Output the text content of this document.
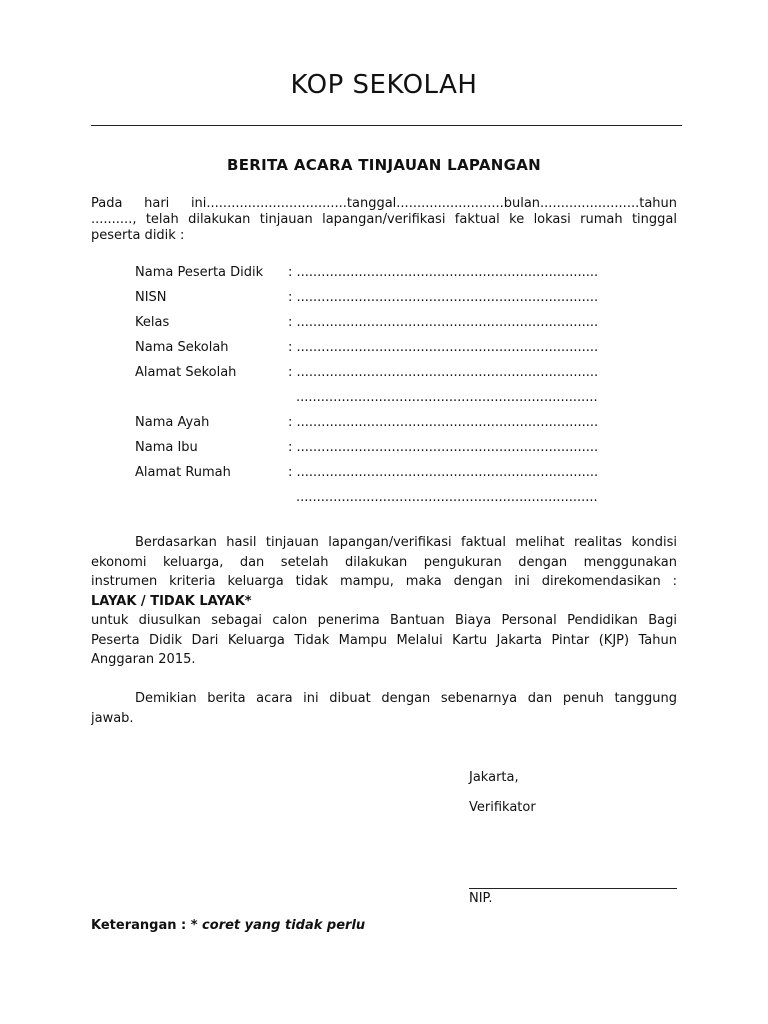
KOP SEKOLAH
BERITA ACARA TINJAUAN LAPANGAN
Pada hari ini..................................tanggal..........................bulan........................tahun
.........., telah dilakukan tinjauan lapangan/verifikasi faktual ke lokasi rumah tinggal
peserta didik :
Nama Peserta Didik : .........................................................................
NISN	: .........................................................................
Kelas	: .........................................................................
Nama Sekolah	: .........................................................................
Alamat Sekolah	: .........................................................................
.........................................................................
Nama Ayah	: .........................................................................
Nama Ibu	: .........................................................................
Alamat Rumah	: .........................................................................
.........................................................................
Berdasarkan hasil tinjauan lapangan/verifikasi faktual melihat realitas kondisi
ekonomi keluarga, dan setelah dilakukan pengukuran dengan menggunakan
instrumen kriteria keluarga tidak mampu, maka dengan ini direkomendasikan :
LAYAK / TIDAK LAYAK*
untuk diusulkan sebagai calon penerima Bantuan Biaya Personal Pendidikan Bagi
Peserta Didik Dari Keluarga Tidak Mampu Melalui Kartu Jakarta Pintar (KJP) Tahun
Anggaran 2015.
Demikian berita acara ini dibuat dengan sebenarnya dan penuh tanggung
jawab.
Jakarta,
Verifikator
NIP.
Keterangan : * coret yang tidak perlu
